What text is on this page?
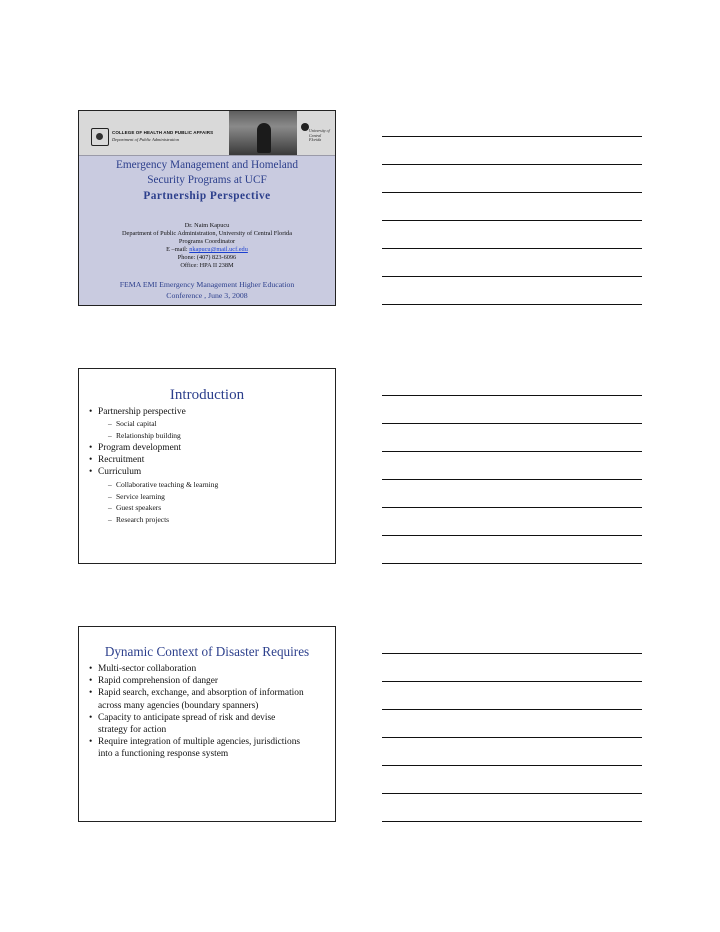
COLLEGE OF HEALTH AND PUBLIC AFFAIRS
Department of Public Administration
University of
Central
Florida
Emergency Management and Homeland
Security Programs at UCF
Partnership Perspective
Dr. Naim Kapucu
Department of Public Administration, University of Central Florida
Programs Coordinator
E –mail: nkapucu@mail.ucf.edu
Phone: (407) 823-6096
Office: HPA II 238M
FEMA EMI Emergency Management Higher Education
Conference , June 3, 2008
Introduction
• Partnership perspective
– Social capital
– Relationship building
• Program development
• Recruitment
• Curriculum
– Collaborative teaching & learning
– Service learning
– Guest speakers
– Research projects
Dynamic Context of Disaster Requires
• Multi-sector collaboration
• Rapid comprehension of danger
• Rapid search, exchange, and absorption of information across many agencies (boundary spanners)
• Capacity to anticipate spread of risk and devise strategy for action
• Require integration of multiple agencies, jurisdictions into a functioning response system
